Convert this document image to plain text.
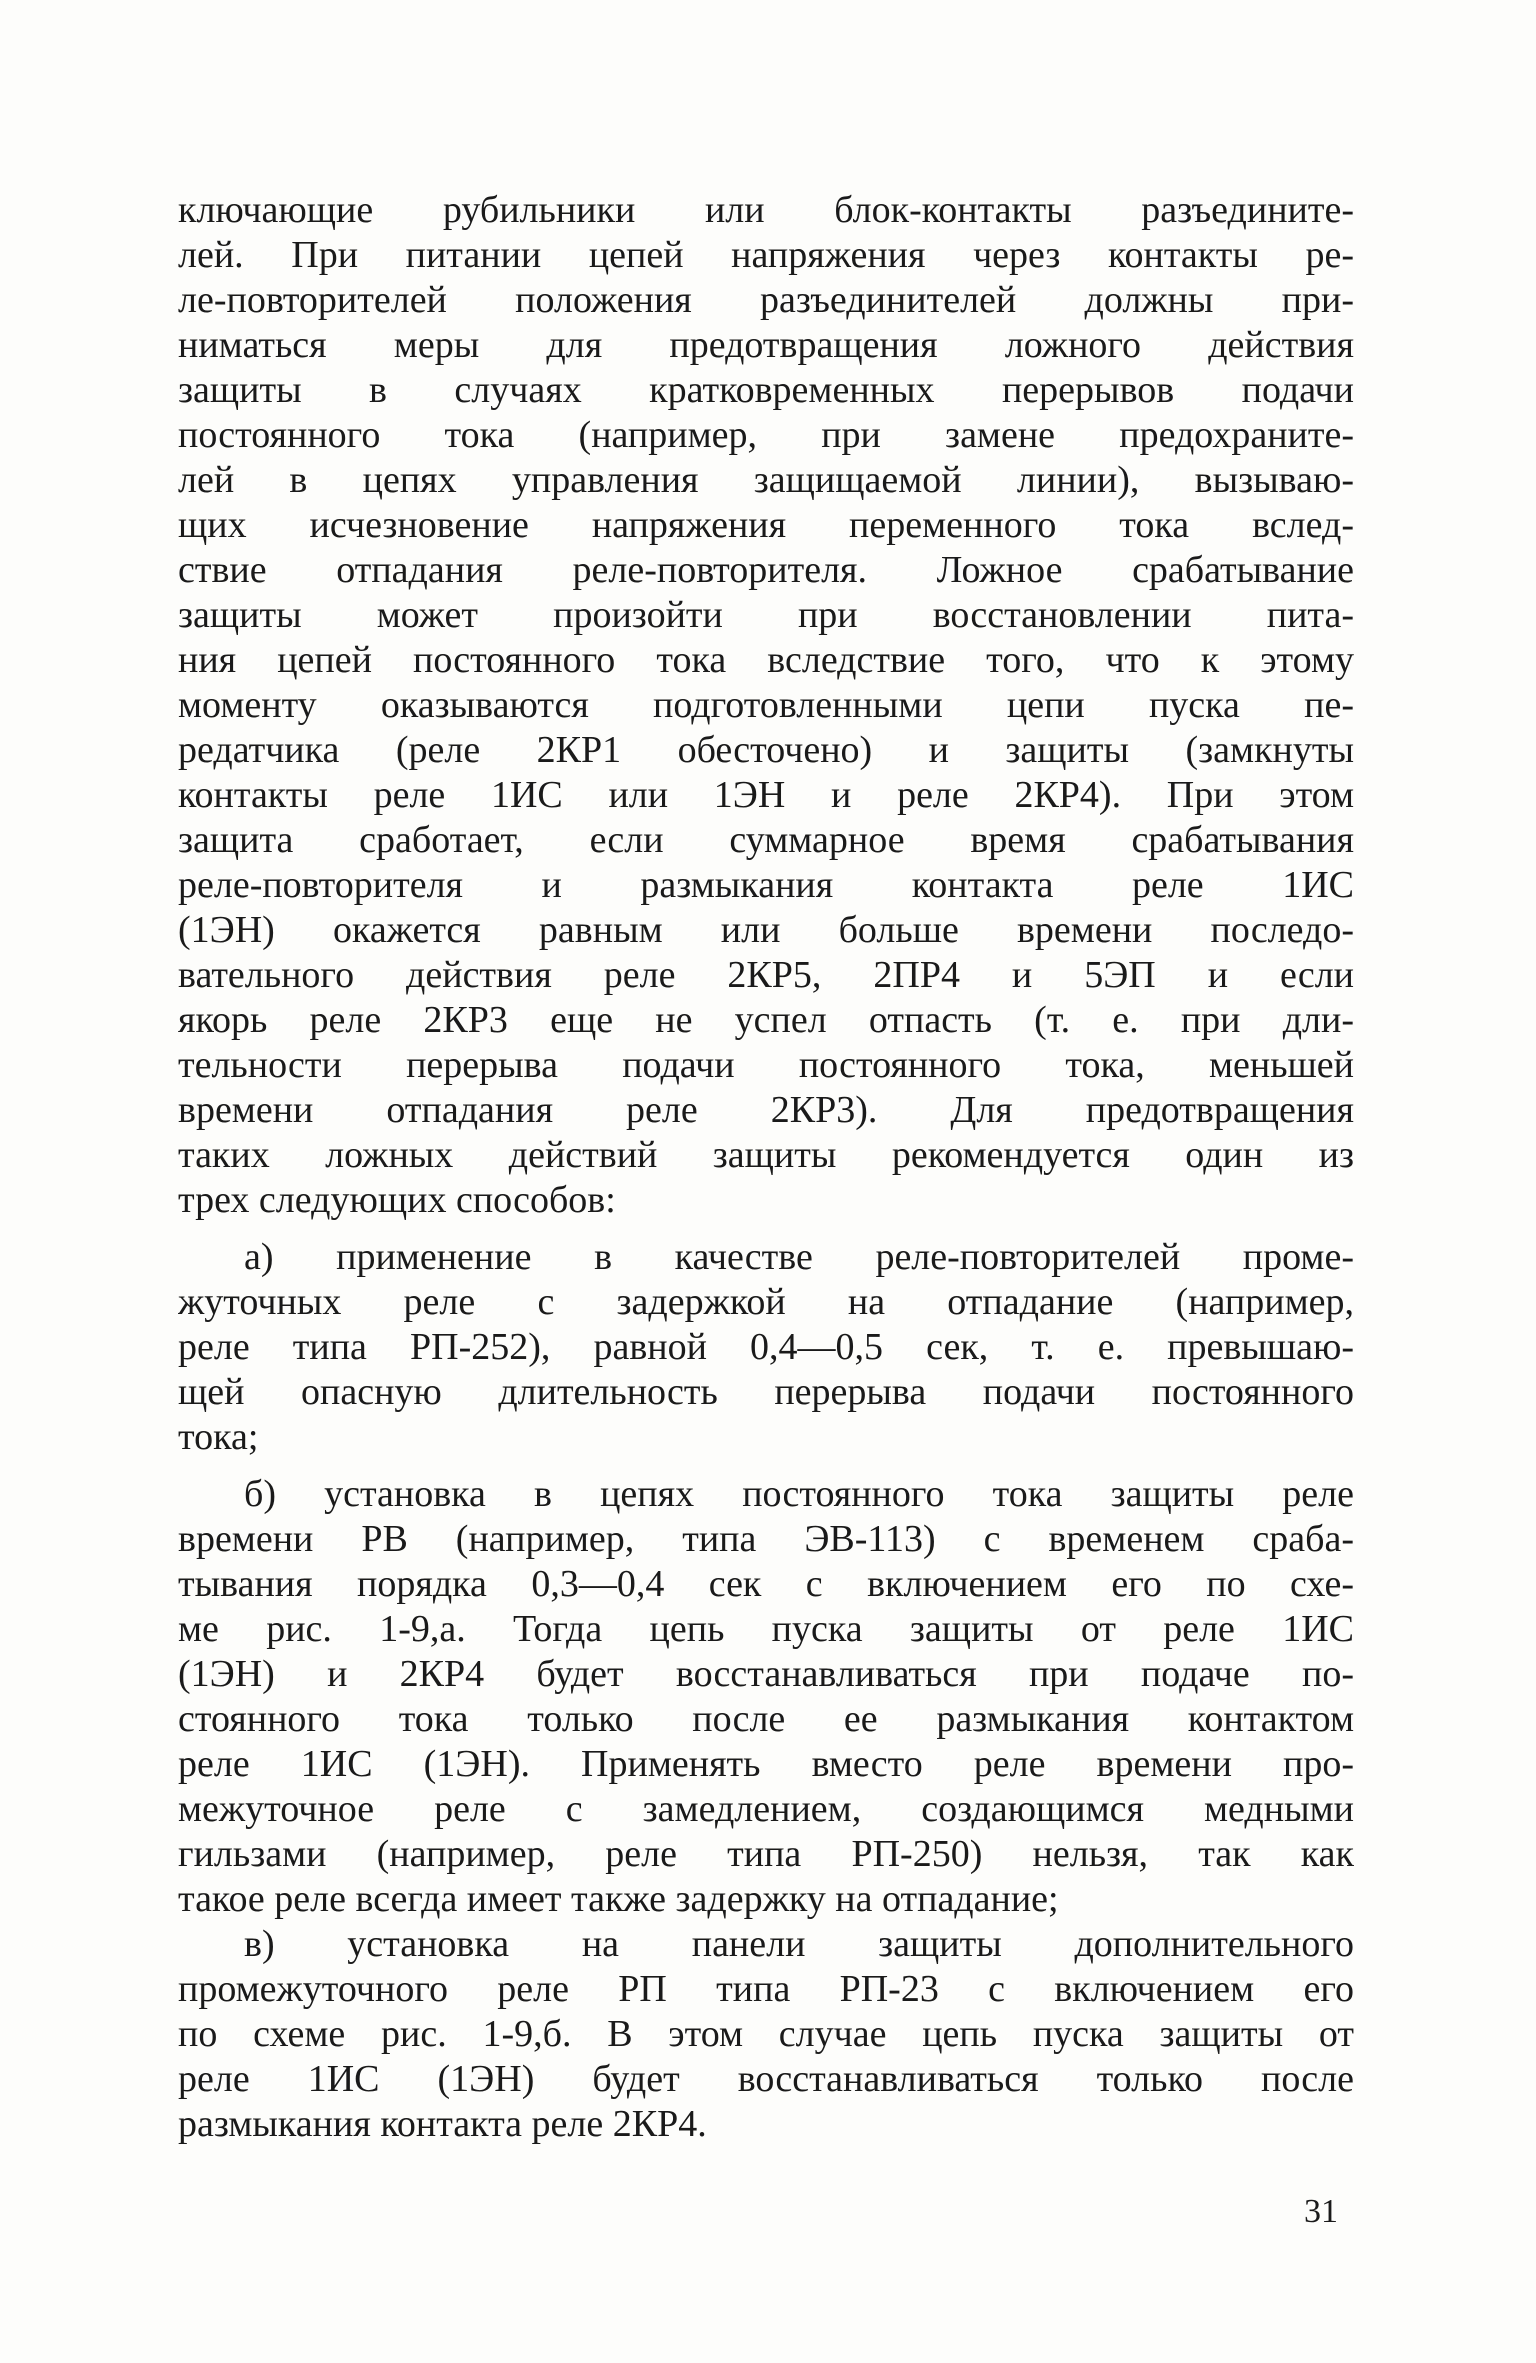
ключающие рубильники или блок-контакты разъедините-
лей. При питании цепей напряжения через контакты ре-
ле-повторителей положения разъединителей должны при-
ниматься меры для предотвращения ложного действия
защиты в случаях кратковременных перерывов подачи
постоянного тока (например, при замене предохраните-
лей в цепях управления защищаемой линии), вызываю-
щих исчезновение напряжения переменного тока вслед-
ствие отпадания реле-повторителя. Ложное срабатывание
защиты может произойти при восстановлении пита-
ния цепей постоянного тока вследствие того, что к этому
моменту оказываются подготовленными цепи пуска пе-
редатчика (реле 2КР1 обесточено) и защиты (замкнуты
контакты реле 1ИС или 1ЭН и реле 2КР4). При этом
защита сработает, если суммарное время срабатывания
реле-повторителя и размыкания контакта реле 1ИС
(1ЭН) окажется равным или больше времени последо-
вательного действия реле 2КР5, 2ПР4 и 5ЭП и если
якорь реле 2КР3 еще не успел отпасть (т. е. при дли-
тельности перерыва подачи постоянного тока, меньшей
времени отпадания реле 2КР3). Для предотвращения
таких ложных действий защиты рекомендуется один из
трех следующих способов:
а) применение в качестве реле-повторителей проме-
жуточных реле с задержкой на отпадание (например,
реле типа РП-252), равной 0,4—0,5 сек, т. е. превышаю-
щей опасную длительность перерыва подачи постоянного
тока;
б) установка в цепях постоянного тока защиты реле
времени РВ (например, типа ЭВ-113) с временем сраба-
тывания порядка 0,3—0,4 сек с включением его по схе-
ме рис. 1-9,а. Тогда цепь пуска защиты от реле 1ИС
(1ЭН) и 2КР4 будет восстанавливаться при подаче по-
стоянного тока только после ее размыкания контактом
реле 1ИС (1ЭН). Применять вместо реле времени про-
межуточное реле с замедлением, создающимся медными
гильзами (например, реле типа РП-250) нельзя, так как
такое реле всегда имеет также задержку на отпадание;
в) установка на панели защиты дополнительного
промежуточного реле РП типа РП-23 с включением его
по схеме рис. 1-9,б. В этом случае цепь пуска защиты от
реле 1ИС (1ЭН) будет восстанавливаться только после
размыкания контакта реле 2КР4.
31
